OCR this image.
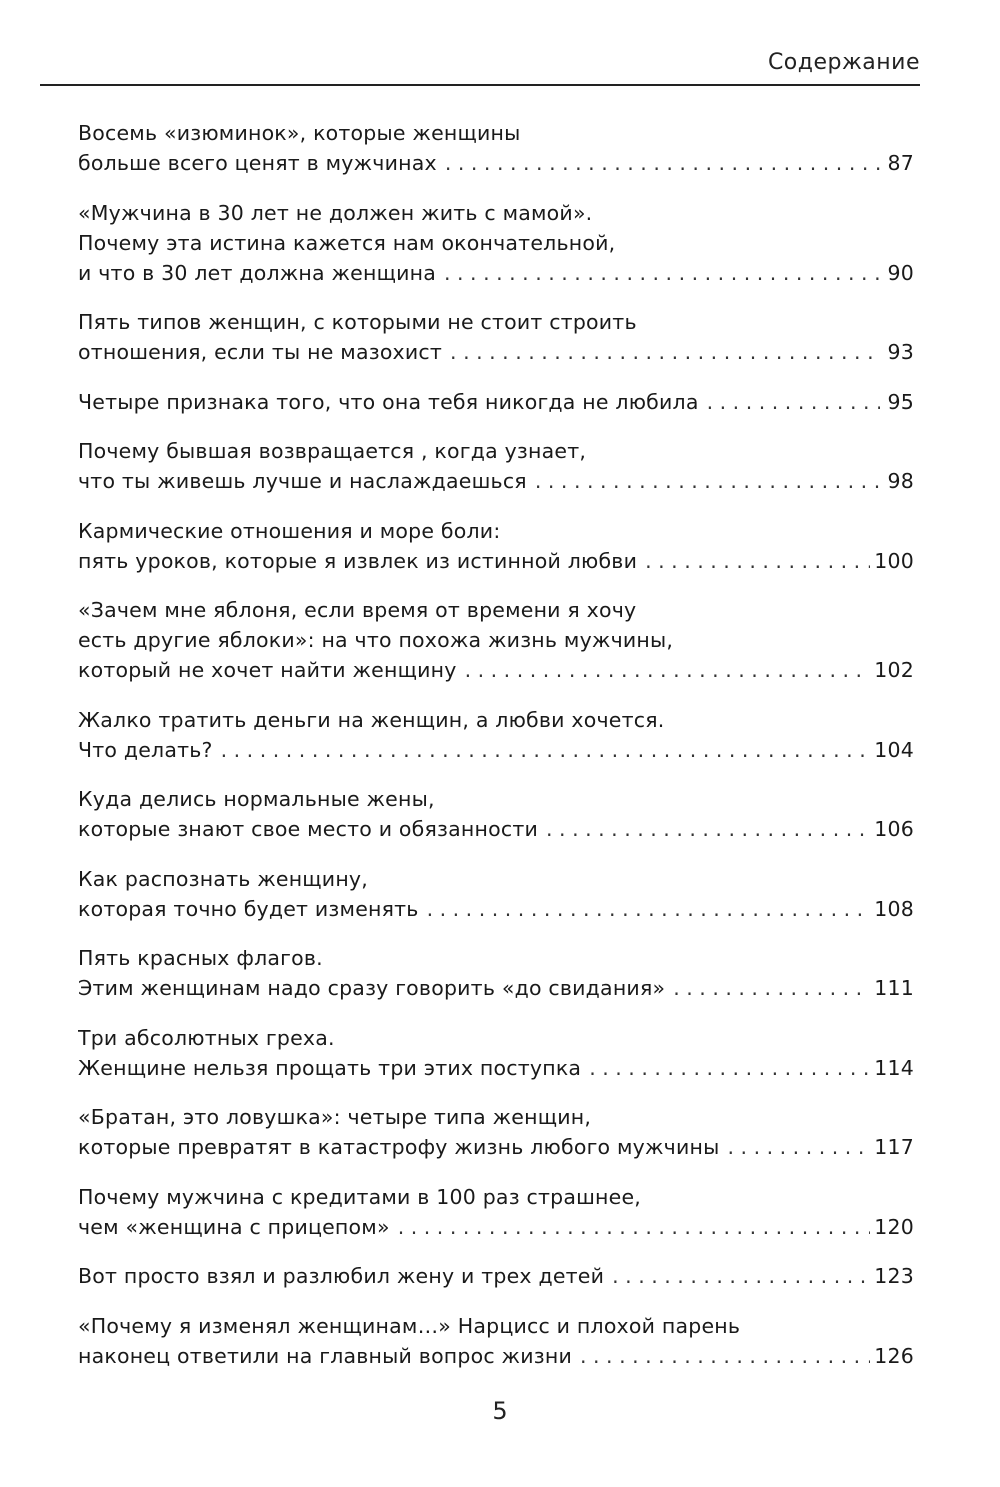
Содержание
Восемь «изюминок», которые женщины
больше всего ценят в мужчинах . . .	87
«Мужчина в 30 лет не должен жить с мамой».
Почему эта истина кажется нам окончательной,
и что в 30 лет должна женщина . . .	90
Пять типов женщин, с которыми не стоит строить
отношения, если ты не мазохист . . .	93
Четыре признака того, что она тебя никогда не любила . . .	95
Почему бывшая возвращается , когда узнает,
что ты живешь лучше и наслаждаешься . . .	98
Кармические отношения и море боли:
пять уроков, которые я извлек из истинной любви . . .	100
«Зачем мне яблоня, если время от времени я хочу
есть другие яблоки»: на что похожа жизнь мужчины,
который не хочет найти женщину . . .	102
Жалко тратить деньги на женщин, а любви хочется.
Что делать? . . .	104
Куда делись нормальные жены,
которые знают свое место и обязанности . . .	106
Как распознать женщину,
которая точно будет изменять . . .	108
Пять красных флагов.
Этим женщинам надо сразу говорить «до свидания» . . .	111
Три абсолютных греха.
Женщине нельзя прощать три этих поступка . . .	114
«Братан, это ловушка»: четыре типа женщин,
которые превратят в катастрофу жизнь любого мужчины . . .	117
Почему мужчина с кредитами в 100 раз страшнее,
чем «женщина с прицепом» . . .	120
Вот просто взял и разлюбил жену и трех детей . . .	123
«Почему я изменял женщинам…» Нарцисс и плохой парень
наконец ответили на главный вопрос жизни . . .	126
5
